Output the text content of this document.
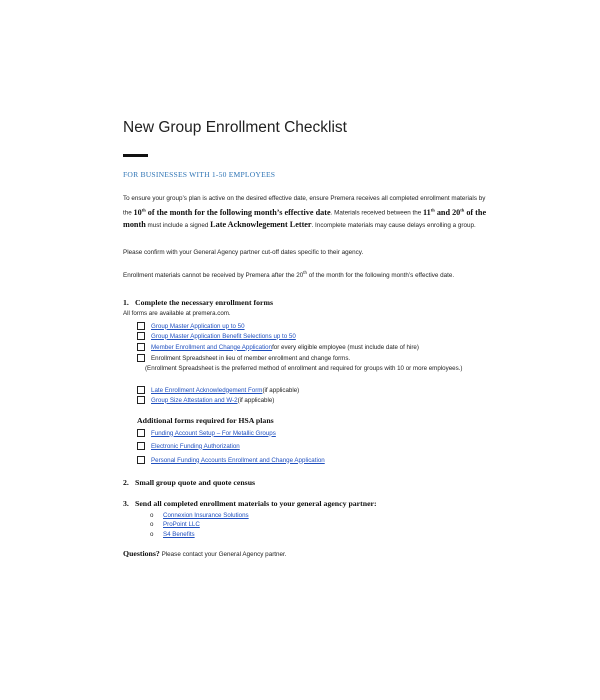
New Group Enrollment Checklist
FOR BUSINESSES WITH 1-50 EMPLOYEES
To ensure your group’s plan is active on the desired effective date, ensure Premera receives all completed enrollment materials by the 10th of the month for the following month’s effective date. Materials received between the 11th and 20th of the month must include a signed Late Acknowlegement Letter. Incomplete materials may cause delays enrolling a group.
Please confirm with your General Agency partner cut-off dates specific to their agency.
Enrollment materials cannot be received by Premera after the 20th of the month for the following month’s effective date.
1. Complete the necessary enrollment forms
All forms are available at premera.com.
Group Master Application up to 50
Group Master Application Benefit Selections up to 50
Member Enrollment and Change Application for every eligible employee (must include date of hire)
Enrollment Spreadsheet in lieu of member enrollment and change forms.
(Enrollment Spreadsheet is the preferred method of enrollment and required for groups with 10 or more employees.)
Late Enrollment Acknowledgement Form (if applicable)
Group Size Attestation and W-2 (if applicable)
Additional forms required for HSA plans
Funding Account Setup – For Metallic Groups
Electronic Funding Authorization
Personal Funding Accounts Enrollment and Change Application
2. Small group quote and quote census
3. Send all completed enrollment materials to your general agency partner:
o	Connexion Insurance Solutions
o	ProPoint LLC
o	S4 Benefits
Questions? Please contact your General Agency partner.
